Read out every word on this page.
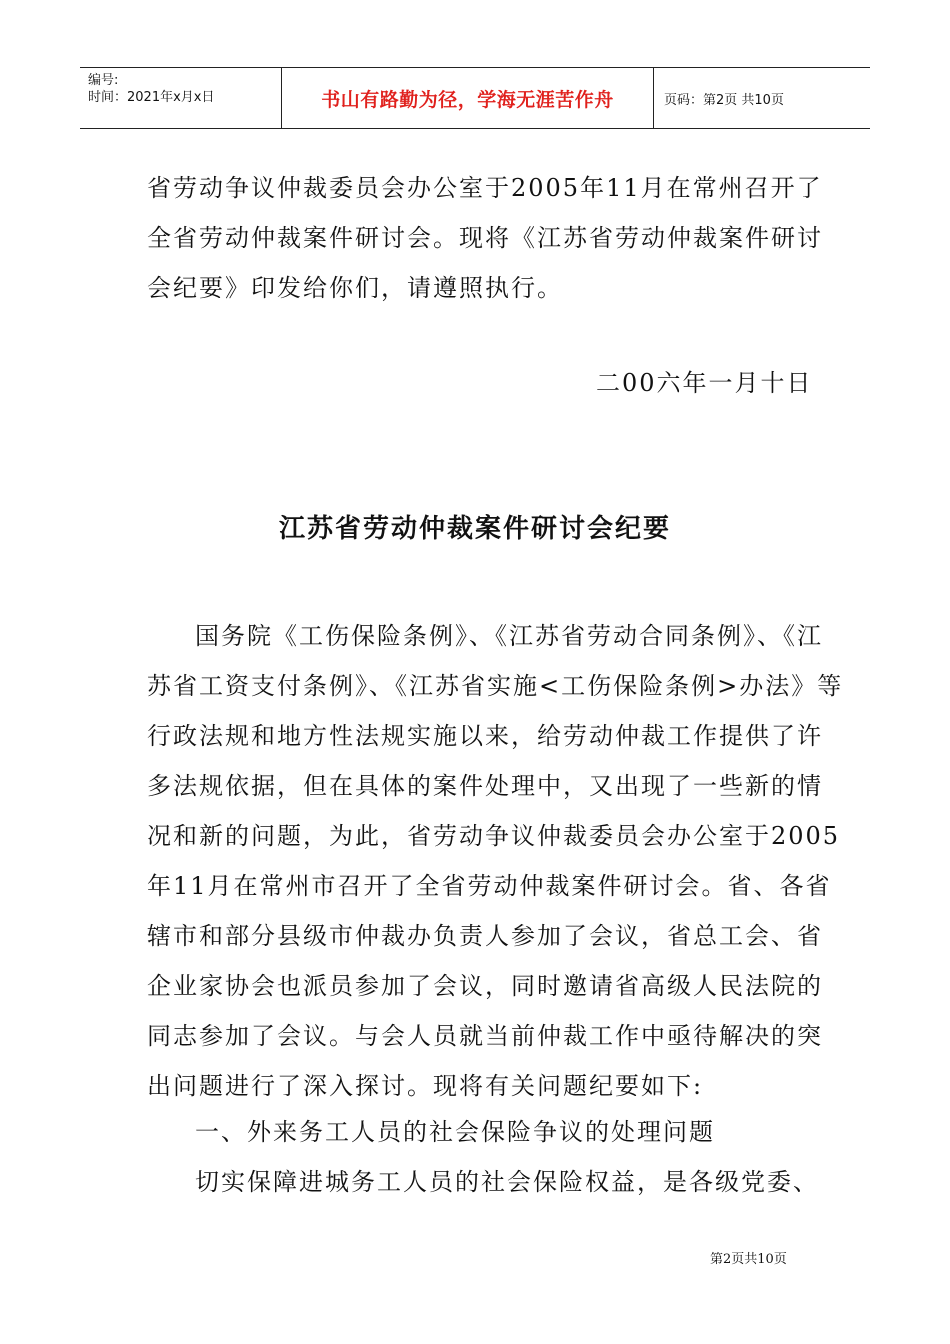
编号:
时间：2021年x月x日	书山有路勤为径，学海无涯苦作舟	页码：第2页 共10页

省劳动争议仲裁委员会办公室于2005年11月在常州召开了

全省劳动仲裁案件研讨会。现将《江苏省劳动仲裁案件研讨

会纪要》印发给你们，请遵照执行。

二00六年一月十日

江苏省劳动仲裁案件研讨会纪要

国务院《工伤保险条例》、《江苏省劳动合同条例》、《江

苏省工资支付条例》、《江苏省实施<工伤保险条例>办法》等

行政法规和地方性法规实施以来，给劳动仲裁工作提供了许

多法规依据，但在具体的案件处理中，又出现了一些新的情

况和新的问题，为此，省劳动争议仲裁委员会办公室于2005

年11月在常州市召开了全省劳动仲裁案件研讨会。省、各省

辖市和部分县级市仲裁办负责人参加了会议，省总工会、省

企业家协会也派员参加了会议，同时邀请省高级人民法院的

同志参加了会议。与会人员就当前仲裁工作中亟待解决的突

出问题进行了深入探讨。现将有关问题纪要如下:

一、外来务工人员的社会保险争议的处理问题

切实保障进城务工人员的社会保险权益，是各级党委、

第2页共10页
